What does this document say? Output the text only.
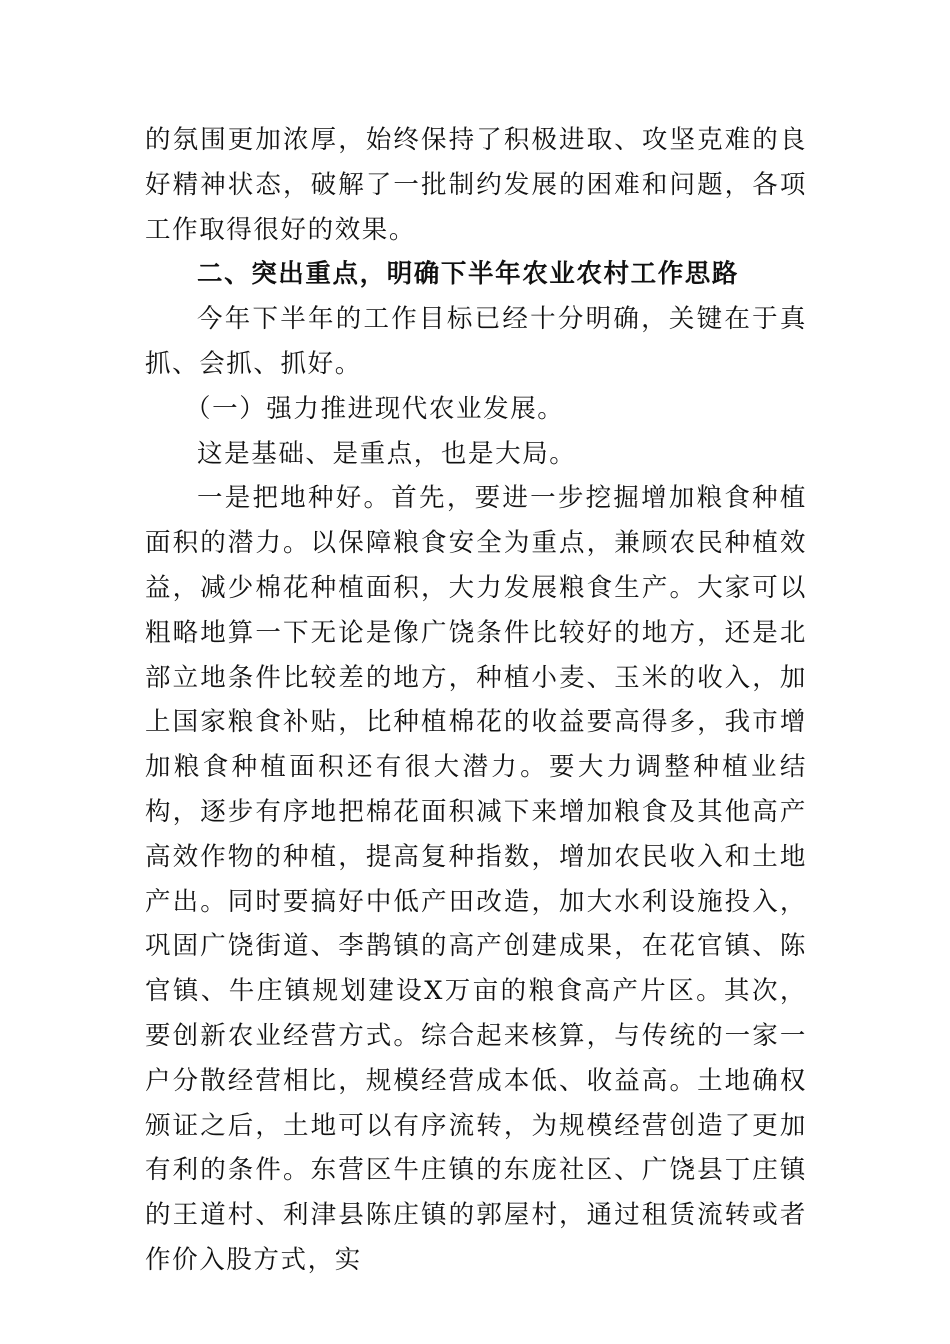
的氛围更加浓厚，始终保持了积极进取、攻坚克难的良好精神状态，破解了一批制约发展的困难和问题，各项工作取得很好的效果。

二、突出重点，明确下半年农业农村工作思路

今年下半年的工作目标已经十分明确，关键在于真抓、会抓、抓好。

（一）强力推进现代农业发展。

这是基础、是重点，也是大局。

一是把地种好。首先，要进一步挖掘增加粮食种植面积的潜力。以保障粮食安全为重点，兼顾农民种植效益，减少棉花种植面积，大力发展粮食生产。大家可以粗略地算一下无论是像广饶条件比较好的地方，还是北部立地条件比较差的地方，种植小麦、玉米的收入，加上国家粮食补贴，比种植棉花的收益要高得多，我市增加粮食种植面积还有很大潜力。要大力调整种植业结构，逐步有序地把棉花面积减下来增加粮食及其他高产高效作物的种植，提高复种指数，增加农民收入和土地产出。同时要搞好中低产田改造，加大水利设施投入，巩固广饶街道、李鹊镇的高产创建成果，在花官镇、陈官镇、牛庄镇规划建设X万亩的粮食高产片区。其次，要创新农业经营方式。综合起来核算，与传统的一家一户分散经营相比，规模经营成本低、收益高。土地确权颁证之后，土地可以有序流转，为规模经营创造了更加有利的条件。东营区牛庄镇的东庞社区、广饶县丁庄镇的王道村、利津县陈庄镇的郭屋村，通过租赁流转或者作价入股方式，实
